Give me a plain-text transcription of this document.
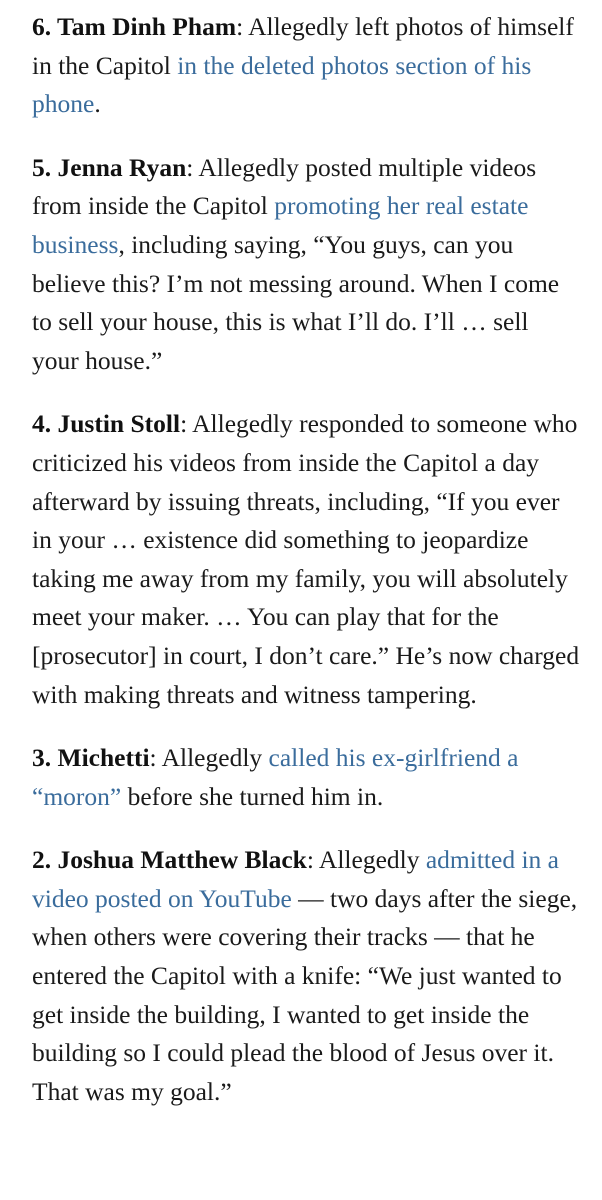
6. Tam Dinh Pham: Allegedly left photos of himself in the Capitol in the deleted photos section of his phone.

5. Jenna Ryan: Allegedly posted multiple videos from inside the Capitol promoting her real estate business, including saying, “You guys, can you believe this? I’m not messing around. When I come to sell your house, this is what I’ll do. I’ll … sell your house.”

4. Justin Stoll: Allegedly responded to someone who criticized his videos from inside the Capitol a day afterward by issuing threats, including, “If you ever in your … existence did something to jeopardize taking me away from my family, you will absolutely meet your maker. … You can play that for the [prosecutor] in court, I don’t care.” He’s now charged with making threats and witness tampering.

3. Michetti: Allegedly called his ex-girlfriend a “moron” before she turned him in.

2. Joshua Matthew Black: Allegedly admitted in a video posted on YouTube — two days after the siege, when others were covering their tracks — that he entered the Capitol with a knife: “We just wanted to get inside the building, I wanted to get inside the building so I could plead the blood of Jesus over it. That was my goal.”
